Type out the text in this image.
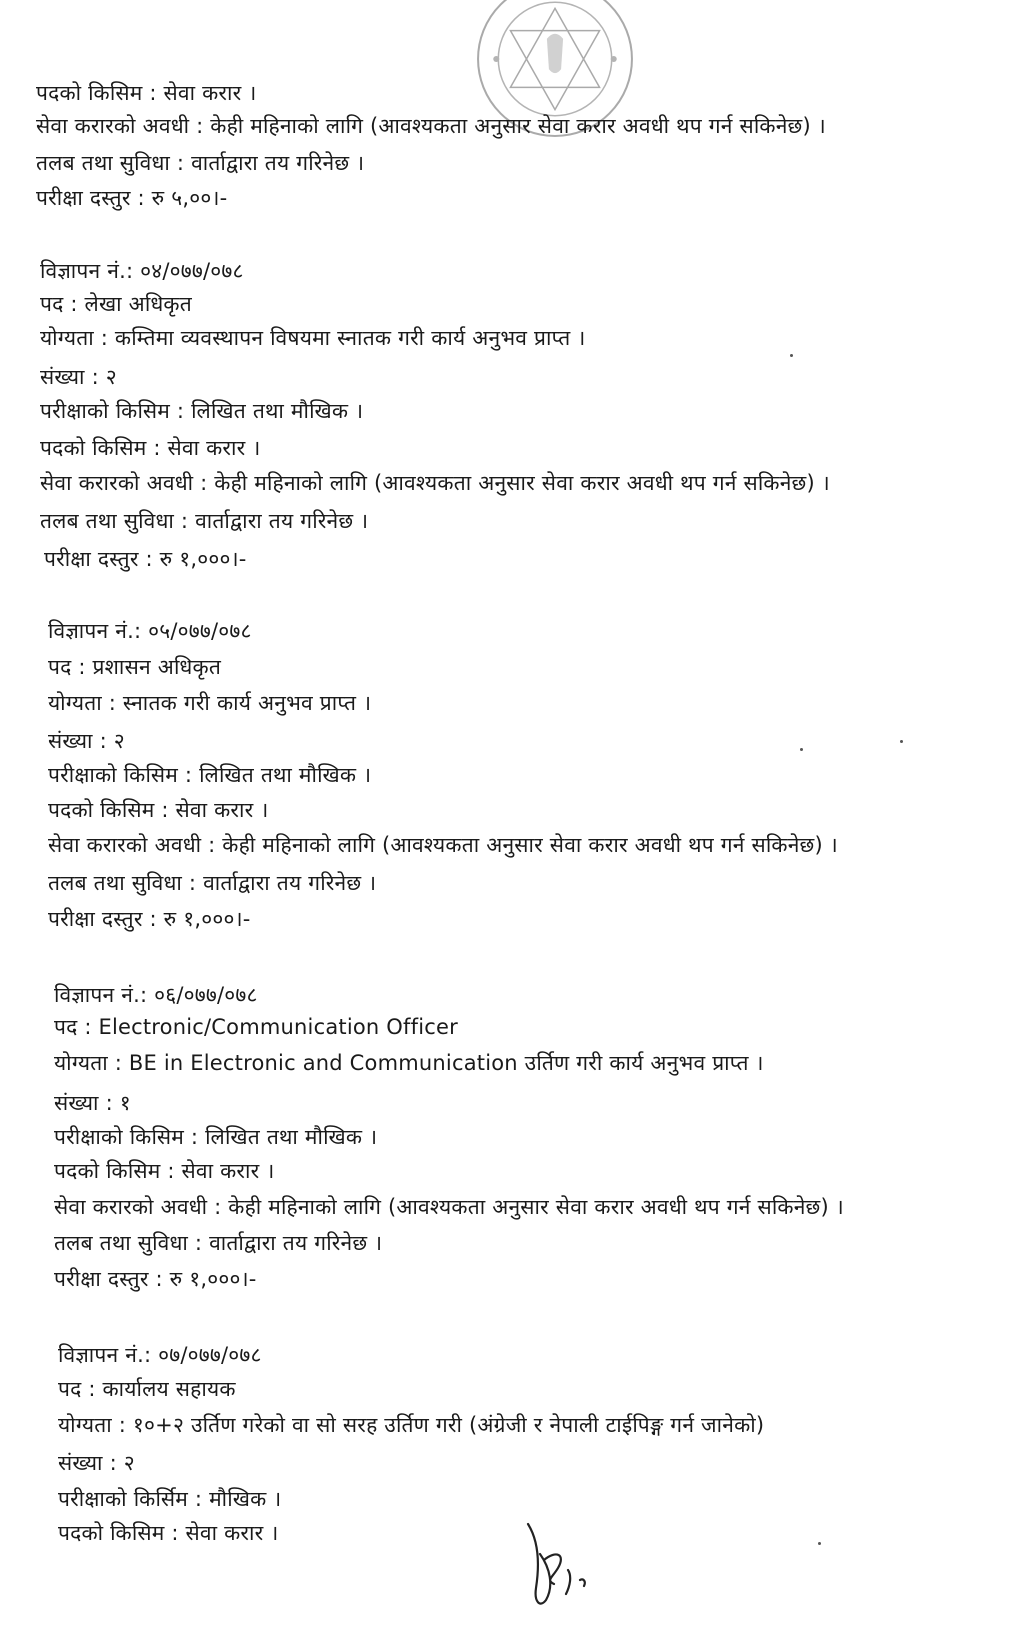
पदको किसिम : सेवा करार ।
सेवा करारको अवधी : केही महिनाको लागि (आवश्यकता अनुसार सेवा करार अवधी थप गर्न सकिनेछ) ।
तलब तथा सुविधा : वार्ताद्वारा तय गरिनेछ ।
परीक्षा दस्तुर : रु ५,००।-
विज्ञापन नं.: ०४/०७७/०७८
पद : लेखा अधिकृत
योग्यता : कम्तिमा व्यवस्थापन विषयमा स्नातक गरी कार्य अनुभव प्राप्त ।
संख्या : २
परीक्षाको किसिम : लिखित तथा मौखिक ।
पदको किसिम : सेवा करार ।
सेवा करारको अवधी : केही महिनाको लागि (आवश्यकता अनुसार सेवा करार अवधी थप गर्न सकिनेछ) ।
तलब तथा सुविधा : वार्ताद्वारा तय गरिनेछ ।
परीक्षा दस्तुर : रु १,०००।-
विज्ञापन नं.: ०५/०७७/०७८
पद : प्रशासन अधिकृत
योग्यता : स्नातक गरी कार्य अनुभव प्राप्त ।
संख्या : २
परीक्षाको किसिम : लिखित तथा मौखिक ।
पदको किसिम : सेवा करार ।
सेवा करारको अवधी : केही महिनाको लागि (आवश्यकता अनुसार सेवा करार अवधी थप गर्न सकिनेछ) ।
तलब तथा सुविधा : वार्ताद्वारा तय गरिनेछ ।
परीक्षा दस्तुर : रु १,०००।-
विज्ञापन नं.: ०६/०७७/०७८
पद : Electronic/Communication Officer
योग्यता : BE in Electronic and Communication उर्तिण गरी कार्य अनुभव प्राप्त ।
संख्या : १
परीक्षाको किसिम : लिखित तथा मौखिक ।
पदको किसिम : सेवा करार ।
सेवा करारको अवधी : केही महिनाको लागि (आवश्यकता अनुसार सेवा करार अवधी थप गर्न सकिनेछ) ।
तलब तथा सुविधा : वार्ताद्वारा तय गरिनेछ ।
परीक्षा दस्तुर : रु १,०००।-
विज्ञापन नं.: ०७/०७७/०७८
पद : कार्यालय सहायक
योग्यता : १०+२ उर्तिण गरेको वा सो सरह उर्तिण गरी (अंग्रेजी र नेपाली टाईपिङ्ग गर्न जानेको)
संख्या : २
परीक्षाको किर्सिम : मौखिक ।
पदको किसिम : सेवा करार ।
